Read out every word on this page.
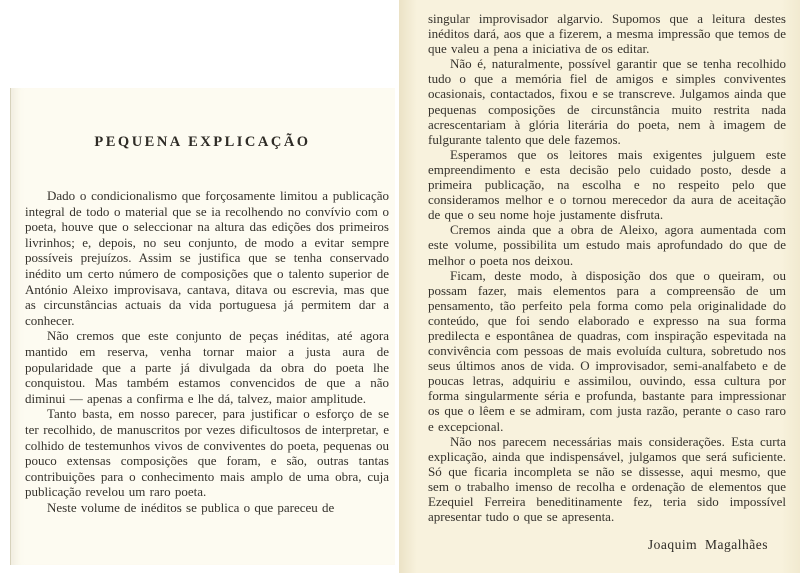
PEQUENA EXPLICAÇÃO

Dado o condicionalismo que forçosamente limitou a publicação integral de todo o material que se ia recolhendo no convívio com o poeta, houve que o seleccionar na altura das edições dos primeiros livrinhos; e, depois, no seu conjunto, de modo a evitar sempre possíveis prejuízos. Assim se justifica que se tenha conservado inédito um certo número de composições que o talento superior de António Aleixo improvisava, cantava, ditava ou escrevia, mas que as circunstâncias actuais da vida portuguesa já permitem dar a conhecer.

Não cremos que este conjunto de peças inéditas, até agora mantido em reserva, venha tornar maior a justa aura de popularidade que a parte já divulgada da obra do poeta lhe conquistou. Mas também estamos convencidos de que a não diminui — apenas a confirma e lhe dá, talvez, maior amplitude.

Tanto basta, em nosso parecer, para justificar o esforço de se ter recolhido, de manuscritos por vezes dificultosos de interpretar, e colhido de testemunhos vivos de conviventes do poeta, pequenas ou pouco extensas composições que foram, e são, outras tantas contribuições para o conhecimento mais amplo de uma obra, cuja publicação revelou um raro poeta.

Neste volume de inéditos se publica o que pareceu de

singular improvisador algarvio. Supomos que a leitura destes inéditos dará, aos que a fizerem, a mesma impressão que temos de que valeu a pena a iniciativa de os editar.

Não é, naturalmente, possível garantir que se tenha recolhido tudo o que a memória fiel de amigos e simples conviventes ocasionais, contactados, fixou e se transcreve. Julgamos ainda que pequenas composições de circunstância muito restrita nada acrescentariam à glória literária do poeta, nem à imagem de fulgurante talento que dele fazemos.

Esperamos que os leitores mais exigentes julguem este empreendimento e esta decisão pelo cuidado posto, desde a primeira publicação, na escolha e no respeito pelo que consideramos melhor e o tornou merecedor da aura de aceitação de que o seu nome hoje justamente disfruta.

Cremos ainda que a obra de Aleixo, agora aumentada com este volume, possibilita um estudo mais aprofundado do que de melhor o poeta nos deixou.

Ficam, deste modo, à disposição dos que o queiram, ou possam fazer, mais elementos para a compreensão de um pensamento, tão perfeito pela forma como pela originalidade do conteúdo, que foi sendo elaborado e expresso na sua forma predilecta e espontânea de quadras, com inspiração espevitada na convivência com pessoas de mais evoluída cultura, sobretudo nos seus últimos anos de vida. O improvisador, semi-analfabeto e de poucas letras, adquiriu e assimilou, ouvindo, essa cultura por forma singularmente séria e profunda, bastante para impressionar os que o lêem e se admiram, com justa razão, perante o caso raro e excepcional.

Não nos parecem necessárias mais considerações. Esta curta explicação, ainda que indispensável, julgamos que será suficiente. Só que ficaria incompleta se não se dissesse, aqui mesmo, que sem o trabalho imenso de recolha e ordenação de elementos que Ezequiel Ferreira beneditinamente fez, teria sido impossível apresentar tudo o que se apresenta.

Joaquim Magalhães
